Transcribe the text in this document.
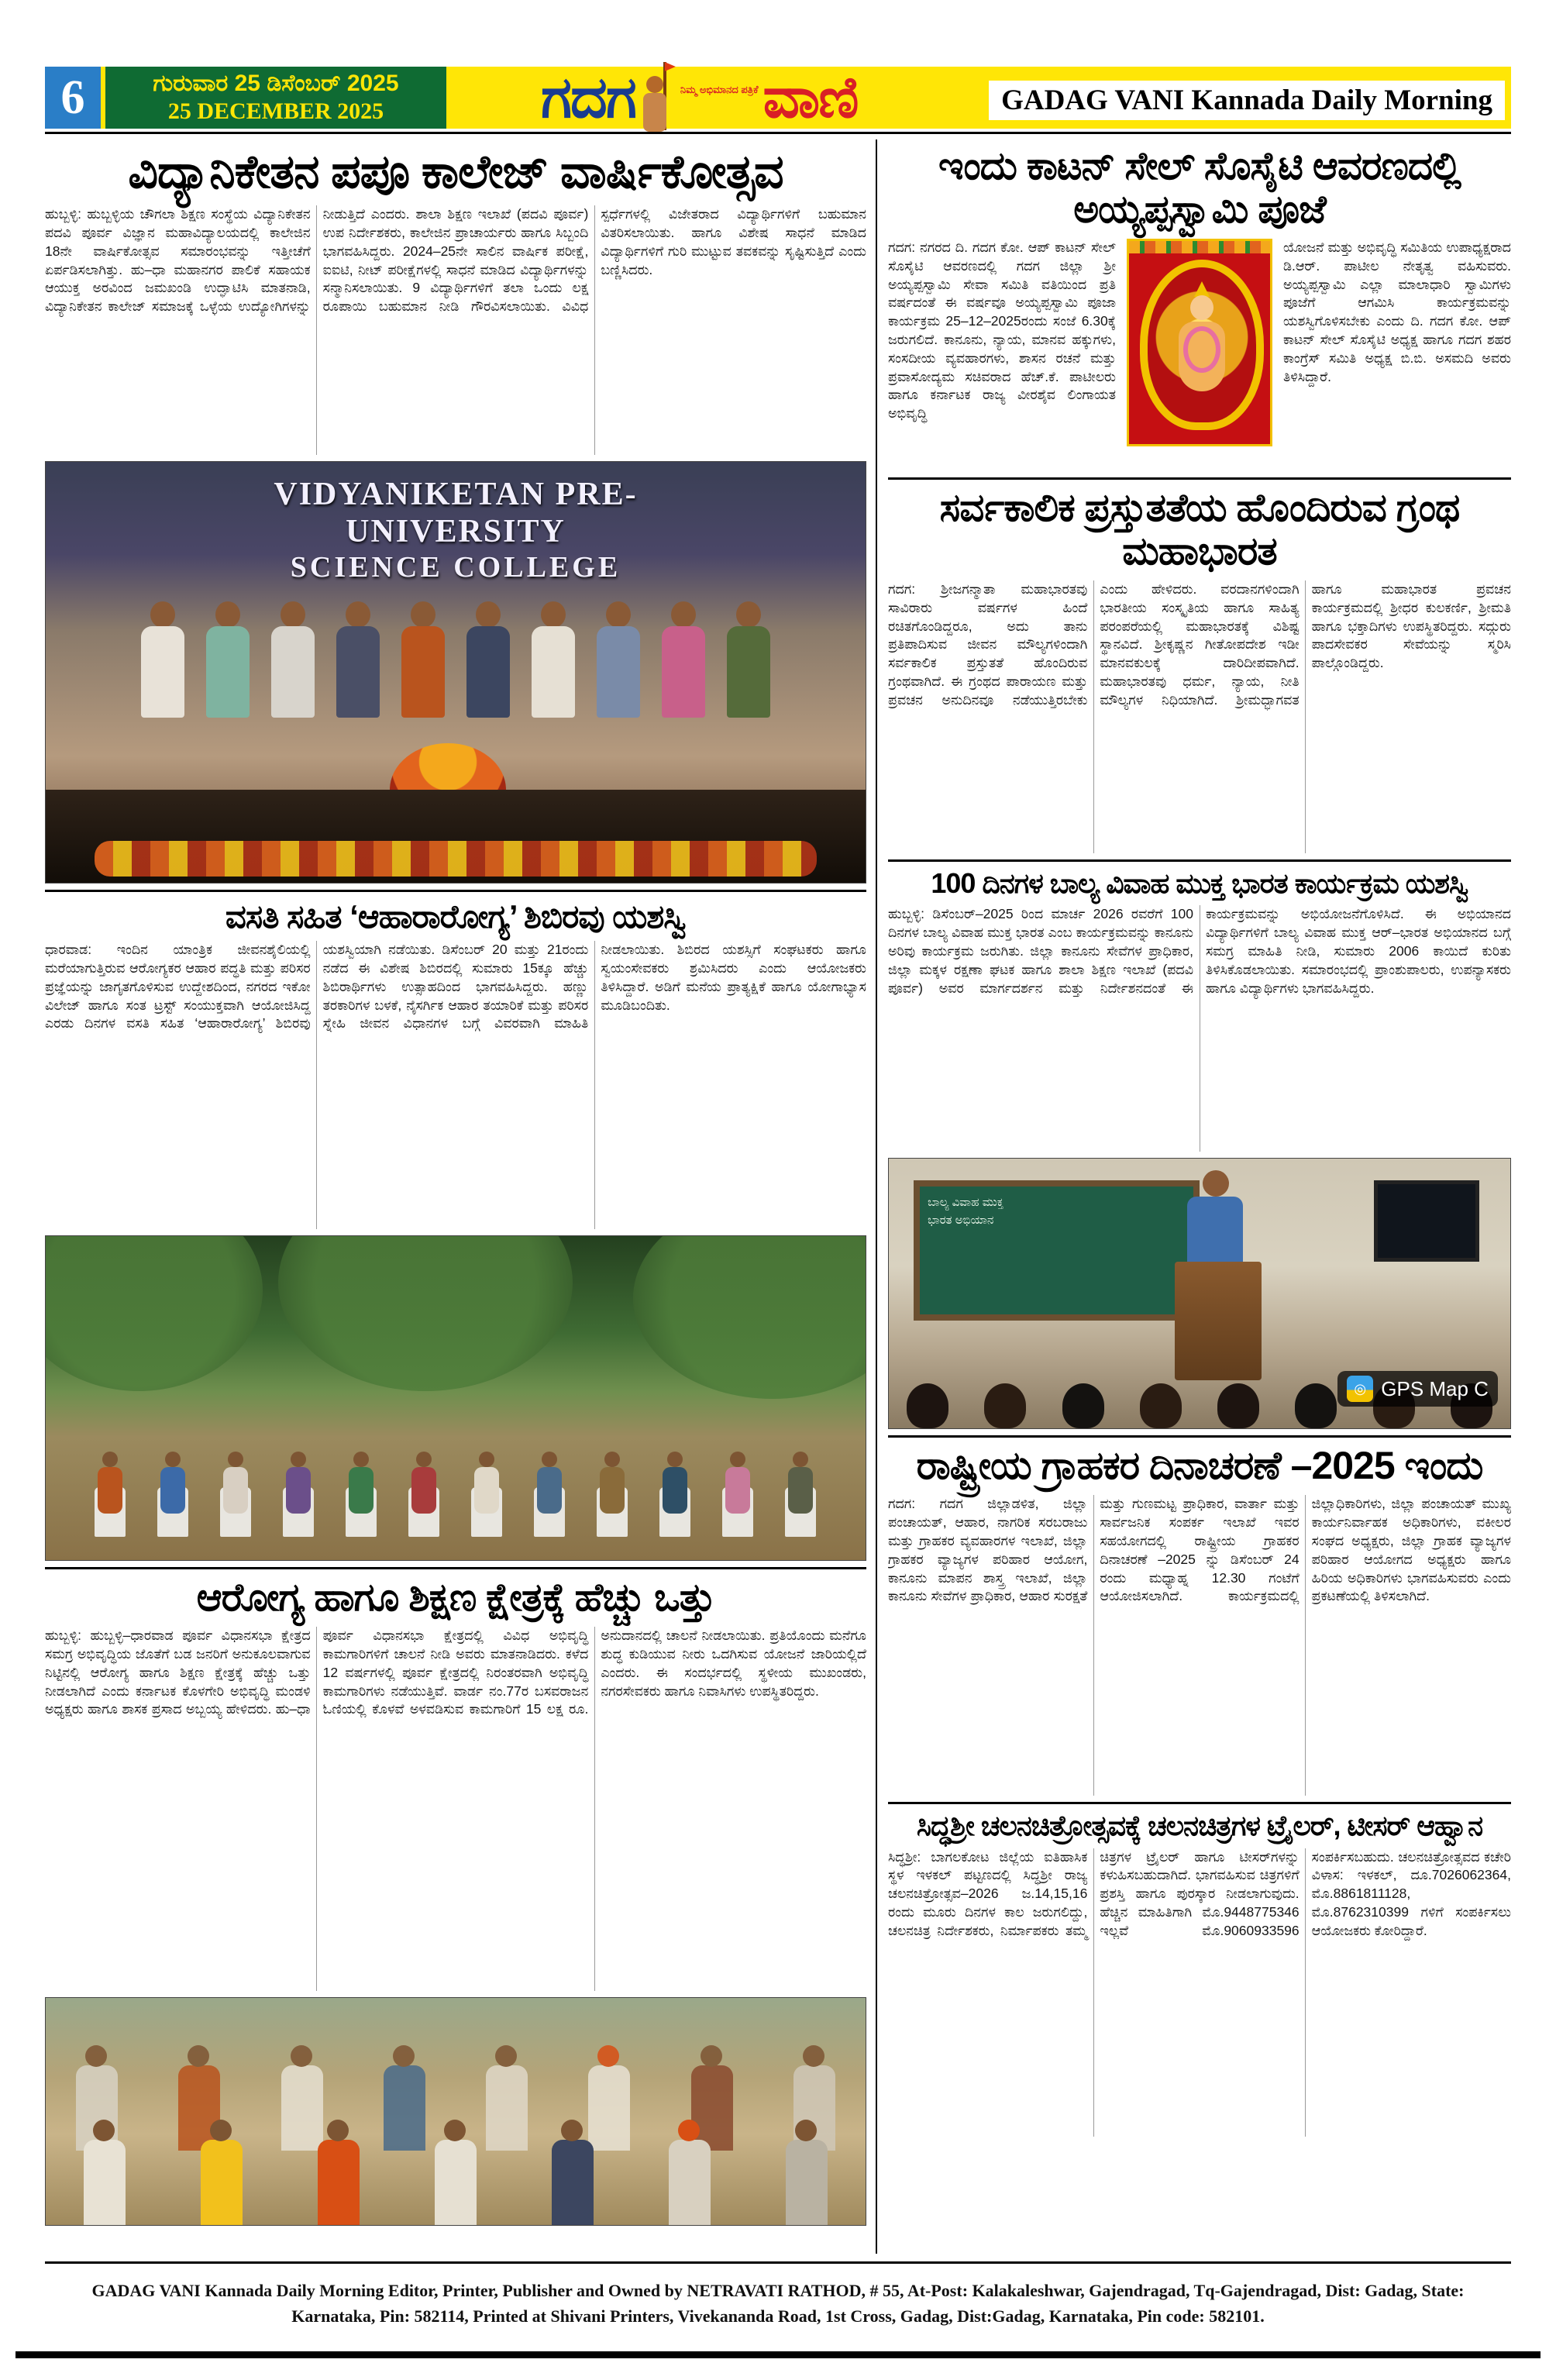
6	ಗುರುವಾರ 25 ಡಿಸೆಂಬರ್ 2025
25 DECEMBER 2025	ಗದಗ	ನಿಮ್ಮ ಅಭಿಮಾನದ ಪತ್ರಿಕೆ ವಾಣಿ	GADAG VANI Kannada Daily Morning
ವಿದ್ಯಾನಿಕೇತನ ಪಪೂ ಕಾಲೇಜ್ ವಾರ್ಷಿಕೋತ್ಸವ

ಹುಬ್ಬಳ್ಳಿ: ಹುಬ್ಬಳ್ಳಿಯ ಚೌಗಲಾ ಶಿಕ್ಷಣ ಸಂಸ್ಥೆಯ ವಿದ್ಯಾನಿಕೇತನ ಪದವಿ ಪೂರ್ವ ವಿಜ್ಞಾನ ಮಹಾವಿದ್ಯಾಲಯದಲ್ಲಿ ಕಾಲೇಜಿನ 18ನೇ ವಾರ್ಷಿಕೋತ್ಸವ ಸಮಾರಂಭವನ್ನು ಇತ್ತೀಚೆಗೆ ಏರ್ಪಡಿಸಲಾಗಿತ್ತು. ಹು–ಧಾ ಮಹಾನಗರ ಪಾಲಿಕೆ ಸಹಾಯಕ ಆಯುಕ್ತ ಅರವಿಂದ ಜಮಖಂಡಿ ಉದ್ಘಾಟಿಸಿ ಮಾತನಾಡಿ, ವಿದ್ಯಾನಿಕೇತನ ಕಾಲೇಜ್ ಸಮಾಜಕ್ಕೆ ಒಳ್ಳೆಯ ಉದ್ಯೋಗಿಗಳನ್ನು ನೀಡುತ್ತಿದೆ ಎಂದರು. ಶಾಲಾ ಶಿಕ್ಷಣ ಇಲಾಖೆ (ಪದವಿ ಪೂರ್ವ) ಉಪ ನಿರ್ದೇಶಕರು, ಕಾಲೇಜಿನ ಪ್ರಾಚಾರ್ಯರು ಹಾಗೂ ಸಿಬ್ಬಂದಿ ಭಾಗವಹಿಸಿದ್ದರು. 2024–25ನೇ ಸಾಲಿನ ವಾರ್ಷಿಕ ಪರೀಕ್ಷೆ, ಐಐಟಿ, ನೀಟ್ ಪರೀಕ್ಷೆಗಳಲ್ಲಿ ಸಾಧನೆ ಮಾಡಿದ ವಿದ್ಯಾರ್ಥಿಗಳನ್ನು ಸನ್ಮಾನಿಸಲಾಯಿತು. 9 ವಿದ್ಯಾರ್ಥಿಗಳಿಗೆ ತಲಾ ಒಂದು ಲಕ್ಷ ರೂಪಾಯಿ ಬಹುಮಾನ ನೀಡಿ ಗೌರವಿಸಲಾಯಿತು. ವಿವಿಧ ಸ್ಪರ್ಧೆಗಳಲ್ಲಿ ವಿಜೇತರಾದ ವಿದ್ಯಾರ್ಥಿಗಳಿಗೆ ಬಹುಮಾನ ವಿತರಿಸಲಾಯಿತು. ಹಾಗೂ ವಿಶೇಷ ಸಾಧನೆ ಮಾಡಿದ ವಿದ್ಯಾರ್ಥಿಗಳಿಗೆ ಗುರಿ ಮುಟ್ಟುವ ತವಕವನ್ನು ಸೃಷ್ಟಿಸುತ್ತಿದೆ ಎಂದು ಬಣ್ಣಿಸಿದರು.

VIDYANIKETAN PRE-UNIVERSITY
SCIENCE COLLEGE
ವಸತಿ ಸಹಿತ ‘ಆಹಾರಾರೋಗ್ಯ’ ಶಿಬಿರವು ಯಶಸ್ವಿ

ಧಾರವಾಡ: ಇಂದಿನ ಯಾಂತ್ರಿಕ ಜೀವನಶೈಲಿಯಲ್ಲಿ ಮರೆಯಾಗುತ್ತಿರುವ ಆರೋಗ್ಯಕರ ಆಹಾರ ಪದ್ಧತಿ ಮತ್ತು ಪರಿಸರ ಪ್ರಜ್ಞೆಯನ್ನು ಜಾಗೃತಗೊಳಿಸುವ ಉದ್ದೇಶದಿಂದ, ನಗರದ ಇಕೋ ವಿಲೇಜ್ ಹಾಗೂ ಸಂತ ಟ್ರಸ್ಟ್ ಸಂಯುಕ್ತವಾಗಿ ಆಯೋಜಿಸಿದ್ದ ಎರಡು ದಿನಗಳ ವಸತಿ ಸಹಿತ ‘ಆಹಾರಾರೋಗ್ಯ’ ಶಿಬಿರವು ಯಶಸ್ವಿಯಾಗಿ ನಡೆಯಿತು. ಡಿಸೆಂಬರ್ 20 ಮತ್ತು 21ರಂದು ನಡೆದ ಈ ವಿಶೇಷ ಶಿಬಿರದಲ್ಲಿ ಸುಮಾರು 15ಕ್ಕೂ ಹೆಚ್ಚು ಶಿಬಿರಾರ್ಥಿಗಳು ಉತ್ಸಾಹದಿಂದ ಭಾಗವಹಿಸಿದ್ದರು. ಹಣ್ಣು ತರಕಾರಿಗಳ ಬಳಕೆ, ನೈಸರ್ಗಿಕ ಆಹಾರ ತಯಾರಿಕೆ ಮತ್ತು ಪರಿಸರ ಸ್ನೇಹಿ ಜೀವನ ವಿಧಾನಗಳ ಬಗ್ಗೆ ವಿವರವಾಗಿ ಮಾಹಿತಿ ನೀಡಲಾಯಿತು. ಶಿಬಿರದ ಯಶಸ್ಸಿಗೆ ಸಂಘಟಕರು ಹಾಗೂ ಸ್ವಯಂಸೇವಕರು ಶ್ರಮಿಸಿದರು ಎಂದು ಆಯೋಜಕರು ತಿಳಿಸಿದ್ದಾರೆ. ಅಡಿಗೆ ಮನೆಯ ಪ್ರಾತ್ಯಕ್ಷಿಕೆ ಹಾಗೂ ಯೋಗಾಭ್ಯಾಸ ಮೂಡಿಬಂದಿತು.

ಆರೋಗ್ಯ ಹಾಗೂ ಶಿಕ್ಷಣ ಕ್ಷೇತ್ರಕ್ಕೆ ಹೆಚ್ಚು ಒತ್ತು

ಹುಬ್ಬಳ್ಳಿ: ಹುಬ್ಬಳ್ಳಿ–ಧಾರವಾಡ ಪೂರ್ವ ವಿಧಾನಸಭಾ ಕ್ಷೇತ್ರದ ಸಮಗ್ರ ಅಭಿವೃದ್ಧಿಯ ಜೊತೆಗೆ ಬಡ ಜನರಿಗೆ ಅನುಕೂಲವಾಗುವ ನಿಟ್ಟಿನಲ್ಲಿ ಆರೋಗ್ಯ ಹಾಗೂ ಶಿಕ್ಷಣ ಕ್ಷೇತ್ರಕ್ಕೆ ಹೆಚ್ಚು ಒತ್ತು ನೀಡಲಾಗಿದೆ ಎಂದು ಕರ್ನಾಟಕ ಕೊಳಗೇರಿ ಅಭಿವೃದ್ಧಿ ಮಂಡಳಿ ಅಧ್ಯಕ್ಷರು ಹಾಗೂ ಶಾಸಕ ಪ್ರಸಾದ ಅಬ್ಬಯ್ಯ ಹೇಳಿದರು. ಹು–ಧಾ ಪೂರ್ವ ವಿಧಾನಸಭಾ ಕ್ಷೇತ್ರದಲ್ಲಿ ವಿವಿಧ ಅಭಿವೃದ್ಧಿ ಕಾಮಗಾರಿಗಳಿಗೆ ಚಾಲನೆ ನೀಡಿ ಅವರು ಮಾತನಾಡಿದರು. ಕಳೆದ 12 ವರ್ಷಗಳಲ್ಲಿ ಪೂರ್ವ ಕ್ಷೇತ್ರದಲ್ಲಿ ನಿರಂತರವಾಗಿ ಅಭಿವೃದ್ಧಿ ಕಾಮಗಾರಿಗಳು ನಡೆಯುತ್ತಿವೆ. ವಾರ್ಡ ನಂ.77ರ ಬಸವರಾಜನ ಓಣಿಯಲ್ಲಿ ಕೊಳವೆ ಅಳವಡಿಸುವ ಕಾಮಗಾರಿಗೆ 15 ಲಕ್ಷ ರೂ. ಅನುದಾನದಲ್ಲಿ ಚಾಲನೆ ನೀಡಲಾಯಿತು. ಪ್ರತಿಯೊಂದು ಮನೆಗೂ ಶುದ್ಧ ಕುಡಿಯುವ ನೀರು ಒದಗಿಸುವ ಯೋಜನೆ ಜಾರಿಯಲ್ಲಿದೆ ಎಂದರು. ಈ ಸಂದರ್ಭದಲ್ಲಿ ಸ್ಥಳೀಯ ಮುಖಂಡರು, ನಗರಸೇವಕರು ಹಾಗೂ ನಿವಾಸಿಗಳು ಉಪಸ್ಥಿತರಿದ್ದರು.

ಇಂದು ಕಾಟನ್ ಸೇಲ್ ಸೊಸೈಟಿ ಆವರಣದಲ್ಲಿ ಅಯ್ಯಪ್ಪಸ್ವಾಮಿ ಪೂಜೆ

ಗದಗ: ನಗರದ ದಿ. ಗದಗ ಕೋ. ಆಪ್ ಕಾಟನ್ ಸೇಲ್ ಸೊಸೈಟಿ ಆವರಣದಲ್ಲಿ ಗದಗ ಜಿಲ್ಲಾ ಶ್ರೀ ಅಯ್ಯಪ್ಪಸ್ವಾಮಿ ಸೇವಾ ಸಮಿತಿ ವತಿಯಿಂದ ಪ್ರತಿ ವರ್ಷದಂತೆ ಈ ವರ್ಷವೂ ಅಯ್ಯಪ್ಪಸ್ವಾಮಿ ಪೂಜಾ ಕಾರ್ಯಕ್ರಮ 25–12–2025ರಂದು ಸಂಜೆ 6.30ಕ್ಕೆ ಜರುಗಲಿದೆ. ಕಾನೂನು, ನ್ಯಾಯ, ಮಾನವ ಹಕ್ಕುಗಳು, ಸಂಸದೀಯ ವ್ಯವಹಾರಗಳು, ಶಾಸನ ರಚನೆ ಮತ್ತು ಪ್ರವಾಸೋದ್ಯಮ ಸಚಿವರಾದ ಹೆಚ್.ಕೆ. ಪಾಟೀಲರು ಹಾಗೂ ಕರ್ನಾಟಕ ರಾಜ್ಯ ವೀರಶೈವ ಲಿಂಗಾಯತ ಅಭಿವೃದ್ಧಿ

ಯೋಜನೆ ಮತ್ತು ಅಭಿವೃದ್ಧಿ ಸಮಿತಿಯ ಉಪಾಧ್ಯಕ್ಷರಾದ ಡಿ.ಆರ್. ಪಾಟೀಲ ನೇತೃತ್ವ ವಹಿಸುವರು. ಅಯ್ಯಪ್ಪಸ್ವಾಮಿ ಎಲ್ಲಾ ಮಾಲಾಧಾರಿ ಸ್ವಾಮಿಗಳು ಪೂಜೆಗೆ ಆಗಮಿಸಿ ಕಾರ್ಯಕ್ರಮವನ್ನು ಯಶಸ್ವಿಗೊಳಿಸಬೇಕು ಎಂದು ದಿ. ಗದಗ ಕೋ. ಆಪ್ ಕಾಟನ್ ಸೇಲ್ ಸೊಸೈಟಿ ಅಧ್ಯಕ್ಷ ಹಾಗೂ ಗದಗ ಶಹರ ಕಾಂಗ್ರೆಸ್ ಸಮಿತಿ ಅಧ್ಯಕ್ಷ ಬಿ.ಬಿ. ಅಸಮದಿ ಅವರು ತಿಳಿಸಿದ್ದಾರೆ.

ಸರ್ವಕಾಲಿಕ ಪ್ರಸ್ತುತತೆಯ ಹೊಂದಿರುವ ಗ್ರಂಥ ಮಹಾಭಾರತ

ಗದಗ: ಶ್ರೀಜಗನ್ಮಾತಾ ಮಹಾಭಾರತವು ಸಾವಿರಾರು ವರ್ಷಗಳ ಹಿಂದೆ ರಚಿತಗೊಂಡಿದ್ದರೂ, ಅದು ತಾನು ಪ್ರತಿಪಾದಿಸುವ ಜೀವನ ಮೌಲ್ಯಗಳಿಂದಾಗಿ ಸರ್ವಕಾಲಿಕ ಪ್ರಸ್ತುತತೆ ಹೊಂದಿರುವ ಗ್ರಂಥವಾಗಿದೆ. ಈ ಗ್ರಂಥದ ಪಾರಾಯಣ ಮತ್ತು ಪ್ರವಚನ ಅನುದಿನವೂ ನಡೆಯುತ್ತಿರಬೇಕು ಎಂದು ಹೇಳಿದರು. ವರದಾನಗಳಿಂದಾಗಿ ಭಾರತೀಯ ಸಂಸ್ಕೃತಿಯ ಹಾಗೂ ಸಾಹಿತ್ಯ ಪರಂಪರೆಯಲ್ಲಿ ಮಹಾಭಾರತಕ್ಕೆ ವಿಶಿಷ್ಟ ಸ್ಥಾನವಿದೆ. ಶ್ರೀಕೃಷ್ಣನ ಗೀತೋಪದೇಶ ಇಡೀ ಮಾನವಕುಲಕ್ಕೆ ದಾರಿದೀಪವಾಗಿದೆ. ಮಹಾಭಾರತವು ಧರ್ಮ, ನ್ಯಾಯ, ನೀತಿ ಮೌಲ್ಯಗಳ ನಿಧಿಯಾಗಿದೆ. ಶ್ರೀಮದ್ಭಾಗವತ ಹಾಗೂ ಮಹಾಭಾರತ ಪ್ರವಚನ ಕಾರ್ಯಕ್ರಮದಲ್ಲಿ ಶ್ರೀಧರ ಕುಲಕರ್ಣಿ, ಶ್ರೀಮತಿ ಹಾಗೂ ಭಕ್ತಾದಿಗಳು ಉಪಸ್ಥಿತರಿದ್ದರು. ಸದ್ಗುರು ಪಾದಸೇವಕರ ಸೇವೆಯನ್ನು ಸ್ಮರಿಸಿ ಪಾಲ್ಗೊಂಡಿದ್ದರು.

100 ದಿನಗಳ ಬಾಲ್ಯ ವಿವಾಹ ಮುಕ್ತ ಭಾರತ ಕಾರ್ಯಕ್ರಮ ಯಶಸ್ವಿ

ಹುಬ್ಬಳ್ಳಿ: ಡಿಸೆಂಬರ್–2025 ರಿಂದ ಮಾರ್ಚ 2026 ರವರೆಗೆ 100 ದಿನಗಳ ಬಾಲ್ಯ ವಿವಾಹ ಮುಕ್ತ ಭಾರತ ಎಂಬ ಕಾರ್ಯಕ್ರಮವನ್ನು ಕಾನೂನು ಅರಿವು ಕಾರ್ಯಕ್ರಮ ಜರುಗಿತು. ಜಿಲ್ಲಾ ಕಾನೂನು ಸೇವೆಗಳ ಪ್ರಾಧಿಕಾರ, ಜಿಲ್ಲಾ ಮಕ್ಕಳ ರಕ್ಷಣಾ ಘಟಕ ಹಾಗೂ ಶಾಲಾ ಶಿಕ್ಷಣ ಇಲಾಖೆ (ಪದವಿ ಪೂರ್ವ) ಅವರ ಮಾರ್ಗದರ್ಶನ ಮತ್ತು ನಿರ್ದೇಶನದಂತೆ ಈ ಕಾರ್ಯಕ್ರಮವನ್ನು ಅಭಿಯೋಜನೆಗೊಳಿಸಿದೆ. ಈ ಅಭಿಯಾನದ ವಿದ್ಯಾರ್ಥಿಗಳಿಗೆ ಬಾಲ್ಯ ವಿವಾಹ ಮುಕ್ತ ಆರ್–ಭಾರತ ಅಭಿಯಾನದ ಬಗ್ಗೆ ಸಮಗ್ರ ಮಾಹಿತಿ ನೀಡಿ, ಸುಮಾರು 2006 ಕಾಯಿದೆ ಕುರಿತು ತಿಳಿಸಿಕೊಡಲಾಯಿತು. ಸಮಾರಂಭದಲ್ಲಿ ಪ್ರಾಂಶುಪಾಲರು, ಉಪನ್ಯಾಸಕರು ಹಾಗೂ ವಿದ್ಯಾರ್ಥಿಗಳು ಭಾಗವಹಿಸಿದ್ದರು.

ಬಾಲ್ಯ ವಿವಾಹ ಮುಕ್ತ
ಭಾರತ ಅಭಿಯಾನ
◎ GPS Map C
ರಾಷ್ಟ್ರೀಯ ಗ್ರಾಹಕರ ದಿನಾಚರಣೆ –2025 ಇಂದು

ಗದಗ: ಗದಗ ಜಿಲ್ಲಾಡಳಿತ, ಜಿಲ್ಲಾ ಪಂಚಾಯತ್, ಆಹಾರ, ನಾಗರಿಕ ಸರಬರಾಜು ಮತ್ತು ಗ್ರಾಹಕರ ವ್ಯವಹಾರಗಳ ಇಲಾಖೆ, ಜಿಲ್ಲಾ ಗ್ರಾಹಕರ ವ್ಯಾಜ್ಯಗಳ ಪರಿಹಾರ ಆಯೋಗ, ಕಾನೂನು ಮಾಪನ ಶಾಸ್ತ್ರ ಇಲಾಖೆ, ಜಿಲ್ಲಾ ಕಾನೂನು ಸೇವೆಗಳ ಪ್ರಾಧಿಕಾರ, ಆಹಾರ ಸುರಕ್ಷತೆ ಮತ್ತು ಗುಣಮಟ್ಟ ಪ್ರಾಧಿಕಾರ, ವಾರ್ತಾ ಮತ್ತು ಸಾರ್ವಜನಿಕ ಸಂಪರ್ಕ ಇಲಾಖೆ ಇವರ ಸಹಯೋಗದಲ್ಲಿ ರಾಷ್ಟ್ರೀಯ ಗ್ರಾಹಕರ ದಿನಾಚರಣೆ –2025 ನ್ನು ಡಿಸೆಂಬರ್ 24 ರಂದು ಮಧ್ಯಾಹ್ನ 12.30 ಗಂಟೆಗೆ ಆಯೋಜಿಸಲಾಗಿದೆ. ಕಾರ್ಯಕ್ರಮದಲ್ಲಿ ಜಿಲ್ಲಾಧಿಕಾರಿಗಳು, ಜಿಲ್ಲಾ ಪಂಚಾಯತ್ ಮುಖ್ಯ ಕಾರ್ಯನಿರ್ವಾಹಕ ಅಧಿಕಾರಿಗಳು, ವಕೀಲರ ಸಂಘದ ಅಧ್ಯಕ್ಷರು, ಜಿಲ್ಲಾ ಗ್ರಾಹಕ ವ್ಯಾಜ್ಯಗಳ ಪರಿಹಾರ ಆಯೋಗದ ಅಧ್ಯಕ್ಷರು ಹಾಗೂ ಹಿರಿಯ ಅಧಿಕಾರಿಗಳು ಭಾಗವಹಿಸುವರು ಎಂದು ಪ್ರಕಟಣೆಯಲ್ಲಿ ತಿಳಿಸಲಾಗಿದೆ.

ಸಿದ್ಧಶ್ರೀ ಚಲನಚಿತ್ರೋತ್ಸವಕ್ಕೆ ಚಲನಚಿತ್ರಗಳ ಟ್ರೈಲರ್, ಟೀಸರ್ ಆಹ್ವಾನ

ಸಿದ್ಧಶ್ರೀ: ಬಾಗಲಕೋಟ ಜಿಲ್ಲೆಯ ಐತಿಹಾಸಿಕ ಸ್ಥಳ ಇಳಕಲ್ ಪಟ್ಟಣದಲ್ಲಿ ಸಿದ್ಧಶ್ರೀ ರಾಜ್ಯ ಚಲನಚಿತ್ರೋತ್ಸವ–2026 ಜ.14,15,16 ರಂದು ಮೂರು ದಿನಗಳ ಕಾಲ ಜರುಗಲಿದ್ದು, ಚಲನಚಿತ್ರ ನಿರ್ದೇಶಕರು, ನಿರ್ಮಾಪಕರು ತಮ್ಮ ಚಿತ್ರಗಳ ಟ್ರೈಲರ್ ಹಾಗೂ ಟೀಸರ್‌ಗಳನ್ನು ಕಳುಹಿಸಬಹುದಾಗಿದೆ. ಭಾಗವಹಿಸುವ ಚಿತ್ರಗಳಿಗೆ ಪ್ರಶಸ್ತಿ ಹಾಗೂ ಪುರಸ್ಕಾರ ನೀಡಲಾಗುವುದು. ಹೆಚ್ಚಿನ ಮಾಹಿತಿಗಾಗಿ ಮೊ.9448775346 ಇಲ್ಲವೆ ಮೊ.9060933596 ಸಂಪರ್ಕಿಸಬಹುದು. ಚಲನಚಿತ್ರೋತ್ಸವದ ಕಚೇರಿ ವಿಳಾಸ: ಇಳಕಲ್, ದೂ.7026062364, ಮೊ.8861811128, ಮೊ.8762310399 ಗಳಿಗೆ ಸಂಪರ್ಕಿಸಲು ಆಯೋಜಕರು ಕೋರಿದ್ದಾರೆ.

GADAG VANI Kannada Daily Morning Editor, Printer, Publisher and Owned by NETRAVATI RATHOD, # 55, At-Post: Kalakaleshwar, Gajendragad, Tq-Gajendragad, Dist: Gadag, State:
Karnataka, Pin: 582114, Printed at Shivani Printers, Vivekananda Road, 1st Cross, Gadag, Dist:Gadag, Karnataka, Pin code: 582101.
